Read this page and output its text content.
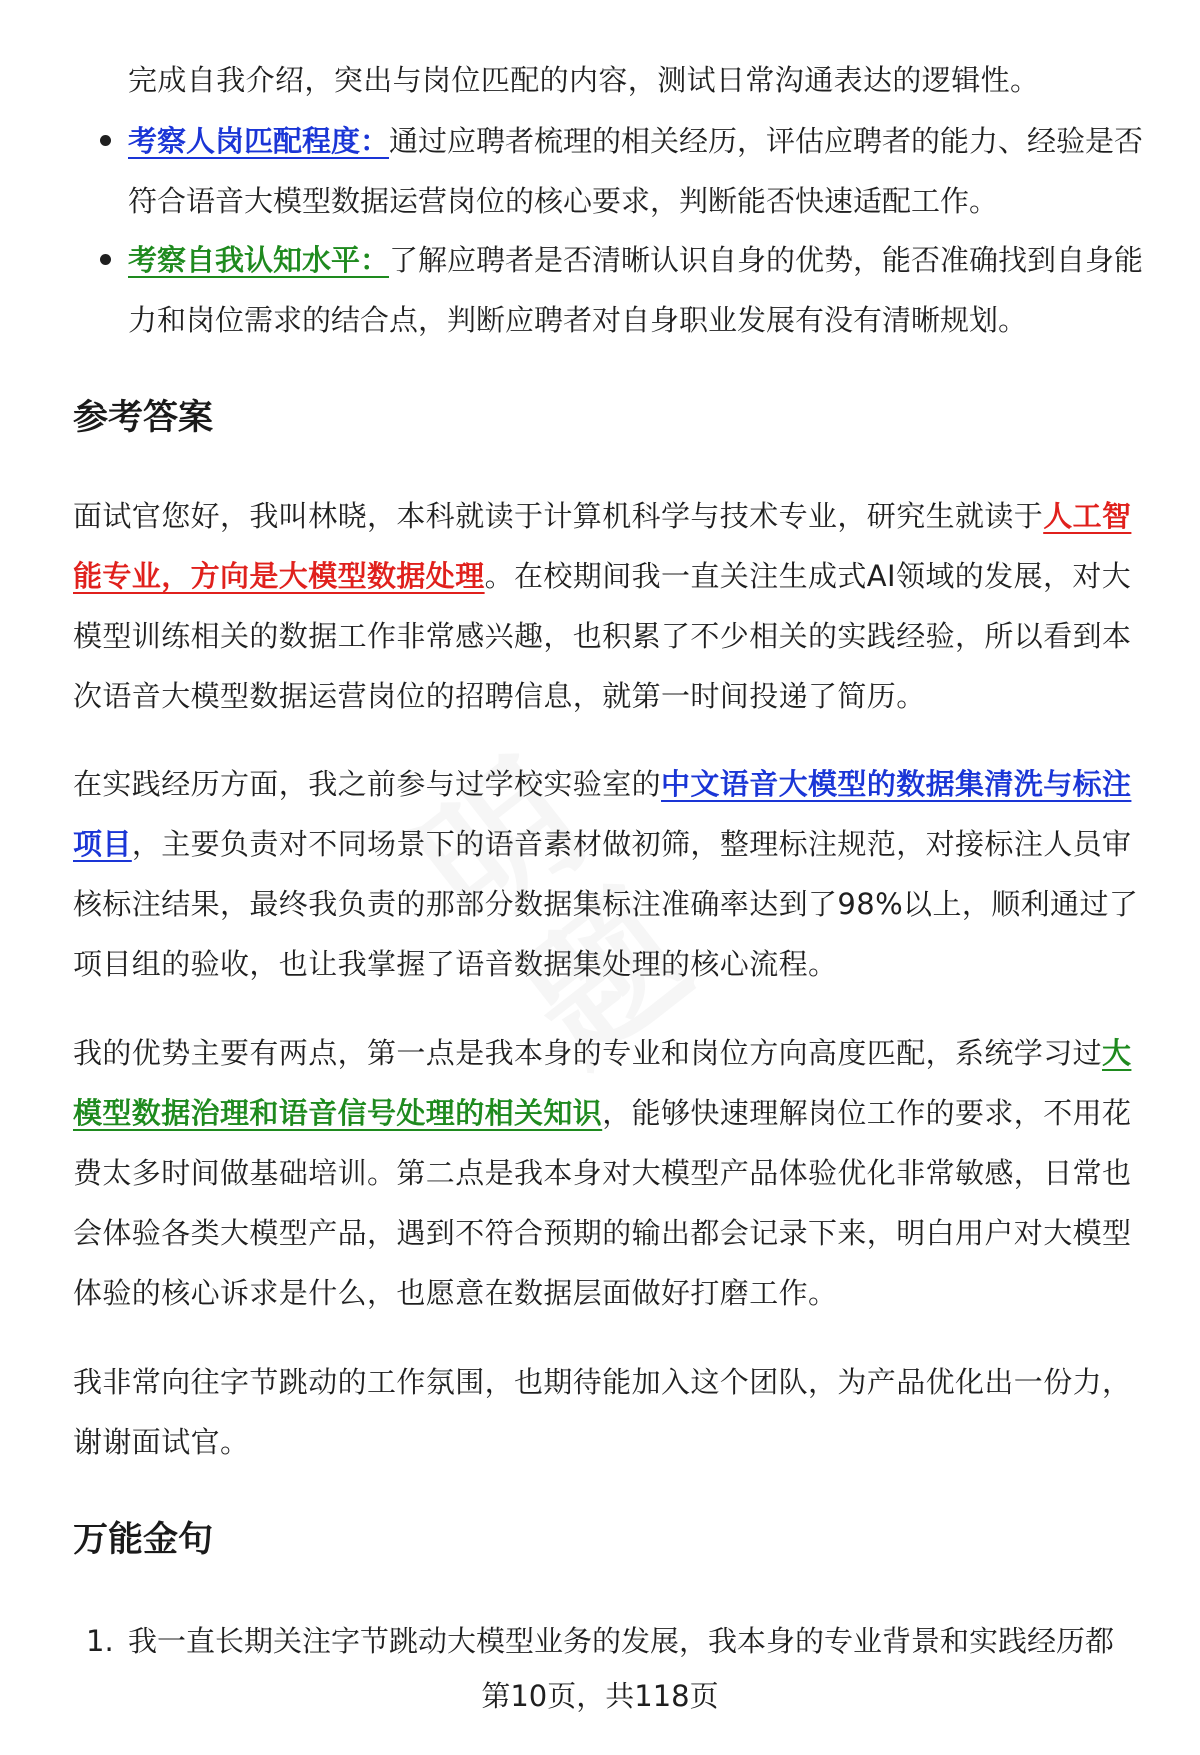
完成自我介绍，突出与岗位匹配的内容，测试日常沟通表达的逻辑性。
考察人岗匹配程度：通过应聘者梳理的相关经历，评估应聘者的能力、经验是否符合语音大模型数据运营岗位的核心要求，判断能否快速适配工作。
考察自我认知水平：了解应聘者是否清晰认识自身的优势，能否准确找到自身能力和岗位需求的结合点，判断应聘者对自身职业发展有没有清晰规划。
参考答案
面试官您好，我叫林晓，本科就读于计算机科学与技术专业，研究生就读于人工智能专业，方向是大模型数据处理。在校期间我一直关注生成式AI领域的发展，对大模型训练相关的数据工作非常感兴趣，也积累了不少相关的实践经验，所以看到本次语音大模型数据运营岗位的招聘信息，就第一时间投递了简历。
在实践经历方面，我之前参与过学校实验室的中文语音大模型的数据集清洗与标注项目，主要负责对不同场景下的语音素材做初筛，整理标注规范，对接标注人员审核标注结果，最终我负责的那部分数据集标注准确率达到了98%以上，顺利通过了项目组的验收，也让我掌握了语音数据集处理的核心流程。
我的优势主要有两点，第一点是我本身的专业和岗位方向高度匹配，系统学习过大模型数据治理和语音信号处理的相关知识，能够快速理解岗位工作的要求，不用花费太多时间做基础培训。第二点是我本身对大模型产品体验优化非常敏感，日常也会体验各类大模型产品，遇到不符合预期的输出都会记录下来，明白用户对大模型体验的核心诉求是什么，也愿意在数据层面做好打磨工作。
我非常向往字节跳动的工作氛围，也期待能加入这个团队，为产品优化出一份力，谢谢面试官。
万能金句
1. 我一直长期关注字节跳动大模型业务的发展，我本身的专业背景和实践经历都
第10页，共118页
